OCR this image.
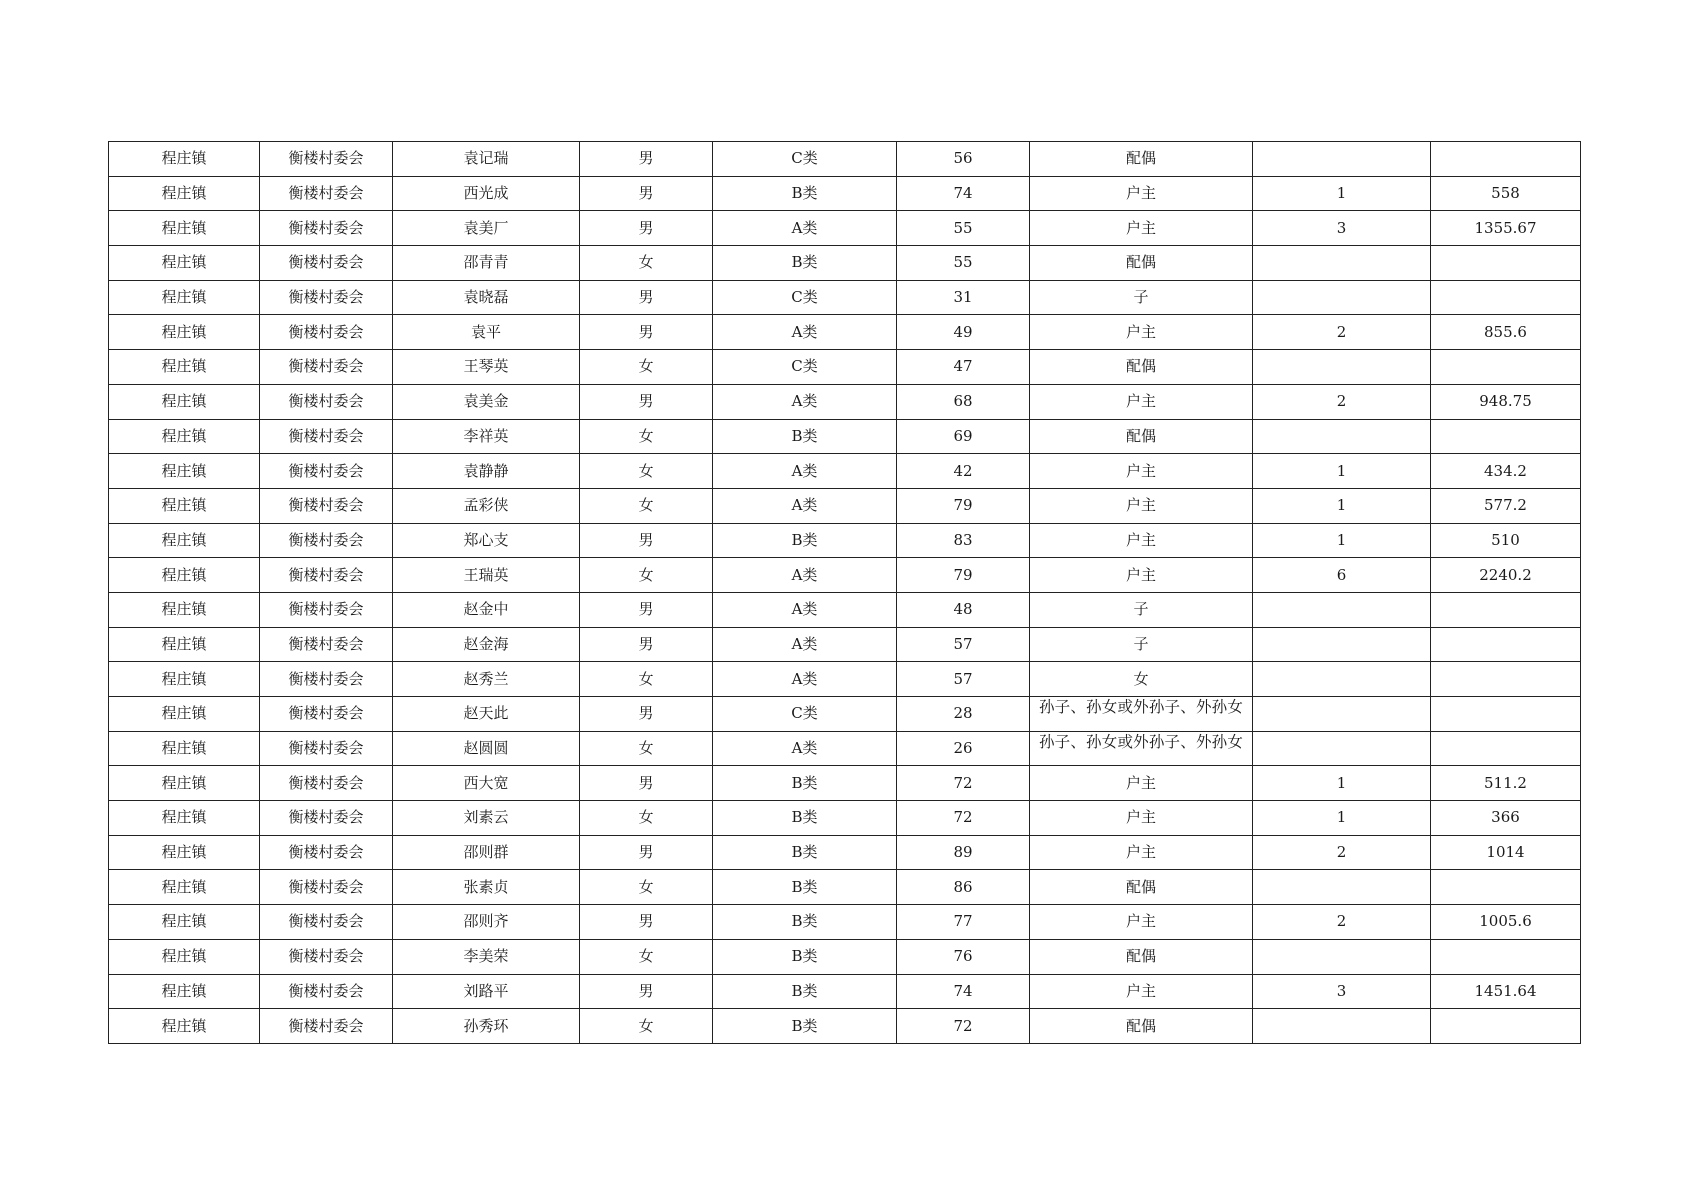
程庄镇	衡楼村委会	袁记瑞	男	C类	56	配偶		
程庄镇	衡楼村委会	西光成	男	B类	74	户主	1	558
程庄镇	衡楼村委会	袁美厂	男	A类	55	户主	3	1355.67
程庄镇	衡楼村委会	邵青青	女	B类	55	配偶		
程庄镇	衡楼村委会	袁晓磊	男	C类	31	子		
程庄镇	衡楼村委会	袁平	男	A类	49	户主	2	855.6
程庄镇	衡楼村委会	王琴英	女	C类	47	配偶		
程庄镇	衡楼村委会	袁美金	男	A类	68	户主	2	948.75
程庄镇	衡楼村委会	李祥英	女	B类	69	配偶		
程庄镇	衡楼村委会	袁静静	女	A类	42	户主	1	434.2
程庄镇	衡楼村委会	孟彩侠	女	A类	79	户主	1	577.2
程庄镇	衡楼村委会	郑心支	男	B类	83	户主	1	510
程庄镇	衡楼村委会	王瑞英	女	A类	79	户主	6	2240.2
程庄镇	衡楼村委会	赵金中	男	A类	48	子		
程庄镇	衡楼村委会	赵金海	男	A类	57	子		
程庄镇	衡楼村委会	赵秀兰	女	A类	57	女		
程庄镇	衡楼村委会	赵天此	男	C类	28	孙子、孙女或外孙子、外孙女		

程庄镇	衡楼村委会	赵圆圆	女	A类	26	孙子、孙女或外孙子、外孙女		

程庄镇	衡楼村委会	西大宽	男	B类	72	户主	1	511.2
程庄镇	衡楼村委会	刘素云	女	B类	72	户主	1	366
程庄镇	衡楼村委会	邵则群	男	B类	89	户主	2	1014
程庄镇	衡楼村委会	张素贞	女	B类	86	配偶		
程庄镇	衡楼村委会	邵则齐	男	B类	77	户主	2	1005.6
程庄镇	衡楼村委会	李美荣	女	B类	76	配偶		
程庄镇	衡楼村委会	刘路平	男	B类	74	户主	3	1451.64
程庄镇	衡楼村委会	孙秀环	女	B类	72	配偶		
